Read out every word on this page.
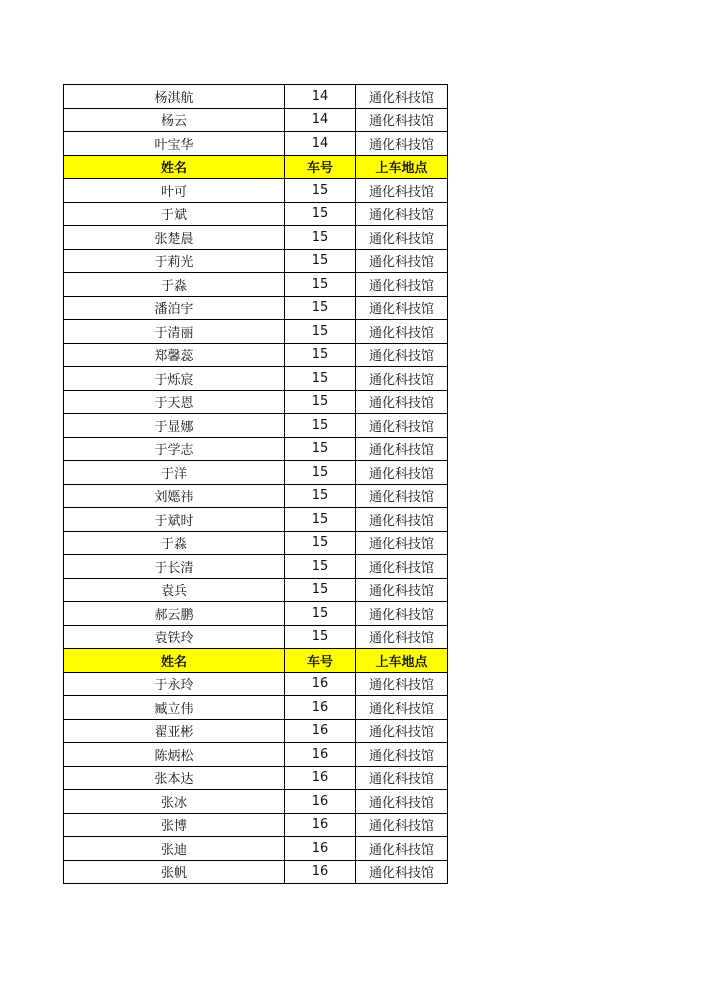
杨淇航	14	通化科技馆
杨云	14	通化科技馆
叶宝华	14	通化科技馆
姓名	车号	上车地点
叶可	15	通化科技馆
于斌	15	通化科技馆
张楚晨	15	通化科技馆
于莉光	15	通化科技馆
于淼	15	通化科技馆
潘泊宇	15	通化科技馆
于清丽	15	通化科技馆
郑馨蕊	15	通化科技馆
于烁宸	15	通化科技馆
于天恩	15	通化科技馆
于显娜	15	通化科技馆
于学志	15	通化科技馆
于洋	15	通化科技馆
刘嫕祎	15	通化科技馆
于斌时	15	通化科技馆
于淼	15	通化科技馆
于长清	15	通化科技馆
袁兵	15	通化科技馆
郝云鹏	15	通化科技馆
袁铁玲	15	通化科技馆
姓名	车号	上车地点
于永玲	16	通化科技馆
臧立伟	16	通化科技馆
翟亚彬	16	通化科技馆
陈炳松	16	通化科技馆
张本达	16	通化科技馆
张冰	16	通化科技馆
张博	16	通化科技馆
张迪	16	通化科技馆
张帆	16	通化科技馆
